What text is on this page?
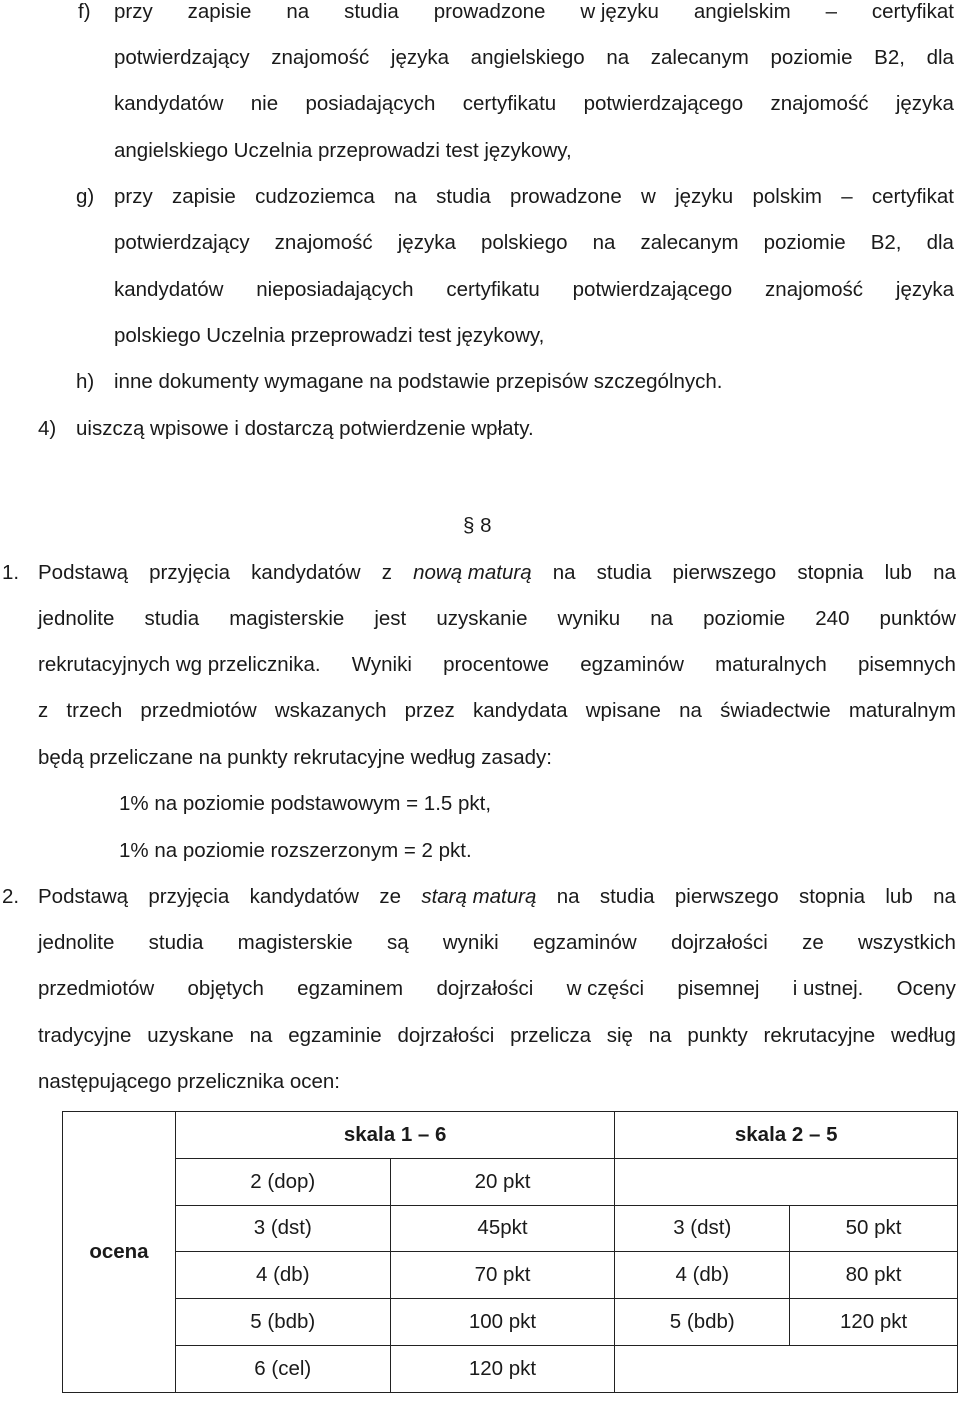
f) przy zapisie na studia prowadzone w języku angielskim – certyfikat
potwierdzający znajomość języka angielskiego na zalecanym poziomie B2, dla
kandydatów nie posiadających certyfikatu potwierdzającego znajomość języka
angielskiego Uczelnia przeprowadzi test językowy,
g) przy zapisie cudzoziemca na studia prowadzone w języku polskim – certyfikat
potwierdzający znajomość języka polskiego na zalecanym poziomie B2, dla
kandydatów nieposiadających certyfikatu potwierdzającego znajomość języka
polskiego Uczelnia przeprowadzi test językowy,
h) inne dokumenty wymagane na podstawie przepisów szczególnych.
4) uiszczą wpisowe i dostarczą potwierdzenie wpłaty.
§ 8
1. Podstawą przyjęcia kandydatów z nową maturą na studia pierwszego stopnia lub na
jednolite studia magisterskie jest uzyskanie wyniku na poziomie 240 punktów
rekrutacyjnych wg przelicznika. Wyniki procentowe egzaminów maturalnych pisemnych
z trzech przedmiotów wskazanych przez kandydata wpisane na świadectwie maturalnym
będą przeliczane na punkty rekrutacyjne według zasady:
1% na poziomie podstawowym = 1.5 pkt,
1% na poziomie rozszerzonym = 2 pkt.
2. Podstawą przyjęcia kandydatów ze starą maturą na studia pierwszego stopnia lub na
jednolite studia magisterskie są wyniki egzaminów dojrzałości ze wszystkich
przedmiotów objętych egzaminem dojrzałości w części pisemnej i ustnej. Oceny
tradycyjne uzyskane na egzaminie dojrzałości przelicza się na punkty rekrutacyjne według
następującego przelicznika ocen:
ocena	skala 1 – 6		skala 2 – 5	
	2 (dop)	20 pkt		
	3 (dst)	45pkt	3 (dst)	50 pkt
	4 (db)	70 pkt	4 (db)	80 pkt
	5 (bdb)	100 pkt	5 (bdb)	120 pkt
	6 (cel)	120 pkt		
